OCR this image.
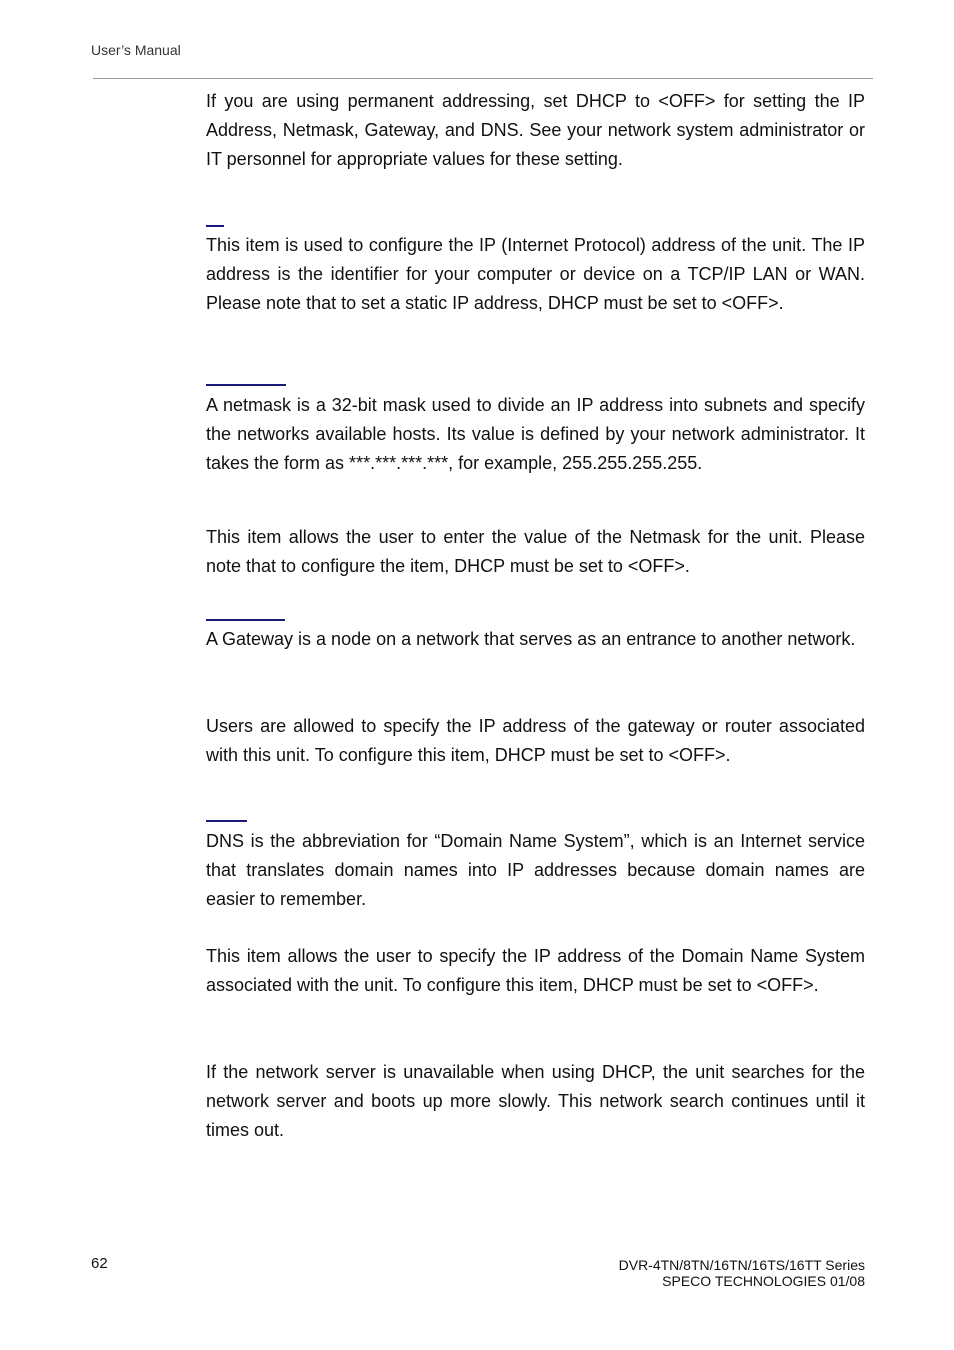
User’s Manual

If you are using permanent addressing, set DHCP to <OFF> for setting the IP Address, Netmask, Gateway, and DNS. See your network system administrator or IT personnel for appropriate values for these setting.

This item is used to configure the IP (Internet Protocol) address of the unit. The IP address is the identifier for your computer or device on a TCP/IP LAN or WAN. Please note that to set a static IP address, DHCP must be set to <OFF>.

A netmask is a 32-bit mask used to divide an IP address into subnets and specify the networks available hosts. Its value is defined by your network administrator. It takes the form as ***.***.***.***, for example, 255.255.255.255.

This item allows the user to enter the value of the Netmask for the unit. Please note that to configure the item, DHCP must be set to <OFF>.

A Gateway is a node on a network that serves as an entrance to another network.

Users are allowed to specify the IP address of the gateway or router associated with this unit. To configure this item, DHCP must be set to <OFF>.

DNS is the abbreviation for “Domain Name System”, which is an Internet service that translates domain names into IP addresses because domain names are easier to remember.

This item allows the user to specify the IP address of the Domain Name System associated with the unit. To configure this item, DHCP must be set to <OFF>.

If the network server is unavailable when using DHCP, the unit searches for the network server and boots up more slowly. This network search continues until it times out.

62	DVR-4TN/8TN/16TN/16TS/16TT Series
SPECO TECHNOLOGIES 01/08
